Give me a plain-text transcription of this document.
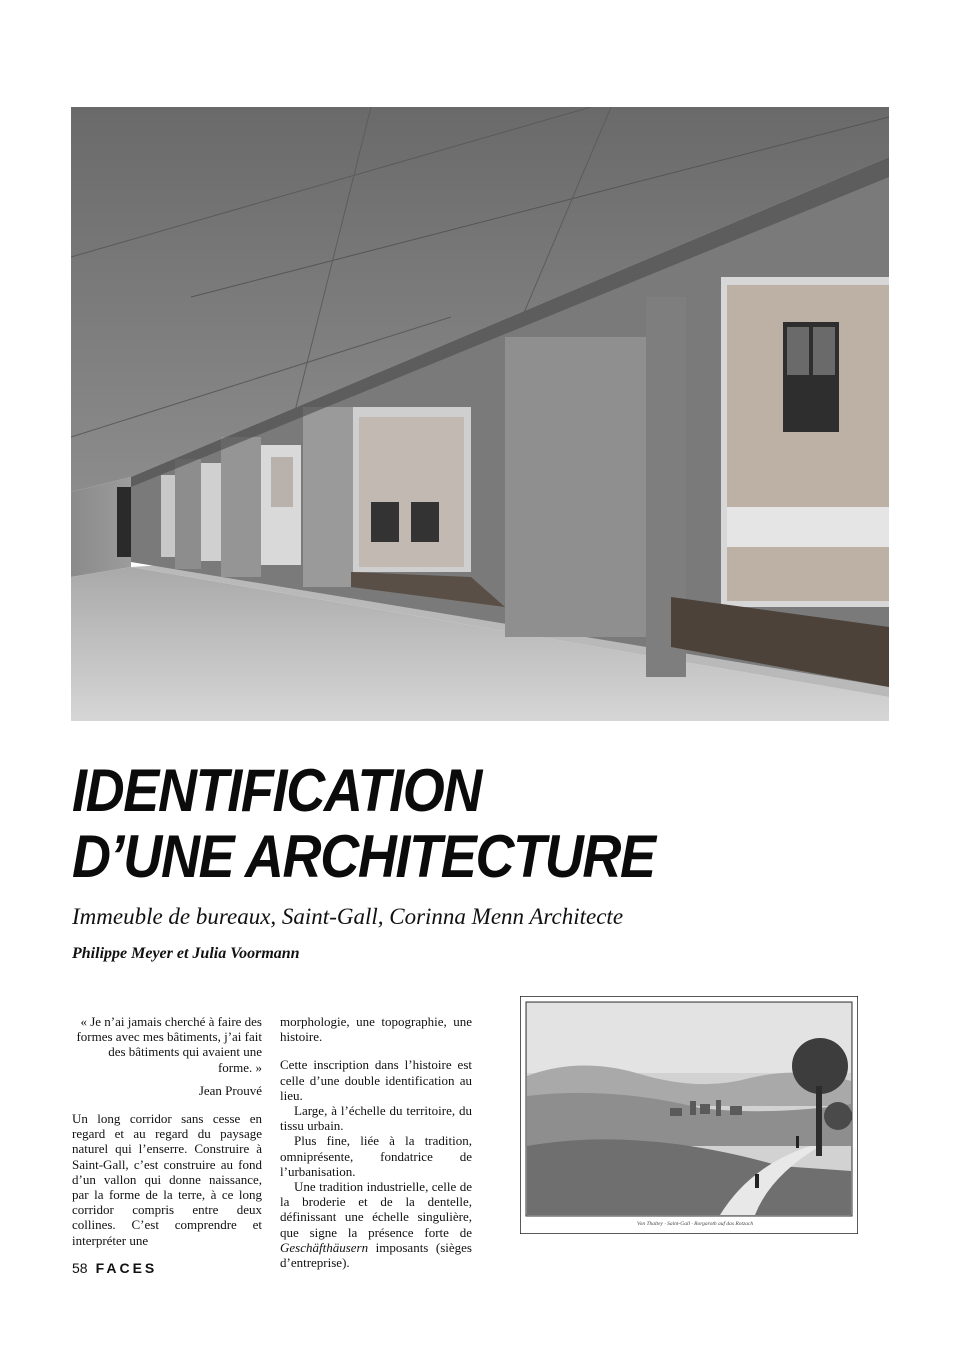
IDENTIFICATION
D’UNE ARCHITECTURE

Immeuble de bureaux, Saint-Gall, Corinna Menn Architecte

Philippe Meyer et Julia Voormann

« Je n’ai jamais cherché à faire des formes avec mes bâtiments, j’ai fait des bâtiments qui avaient une forme. »

Jean Prouvé

Un long corridor sans cesse en regard et au regard du paysage naturel qui l’enserre. Construire à Saint-Gall, c’est construire au fond d’un vallon qui donne naissance, par la forme de la terre, à ce long corridor compris entre deux collines. C’est comprendre et interpréter une

morphologie, une topographie, une histoire.

Cette inscription dans l’histoire est celle d’une double identification au lieu.

Large, à l’échelle du territoire, du tissu urbain.

Plus fine, liée à la tradition, omniprésente, fondatrice de l’urbanisation.

Une tradition industrielle, celle de la broderie et de la dentelle, définissant une échelle singulière, que signe la présence forte de Geschäfthäusern imposants (sièges d’entreprise).

Von Thaltey · Saint-Gall · Rorgaroth auf das Rotzach
58 FACES
